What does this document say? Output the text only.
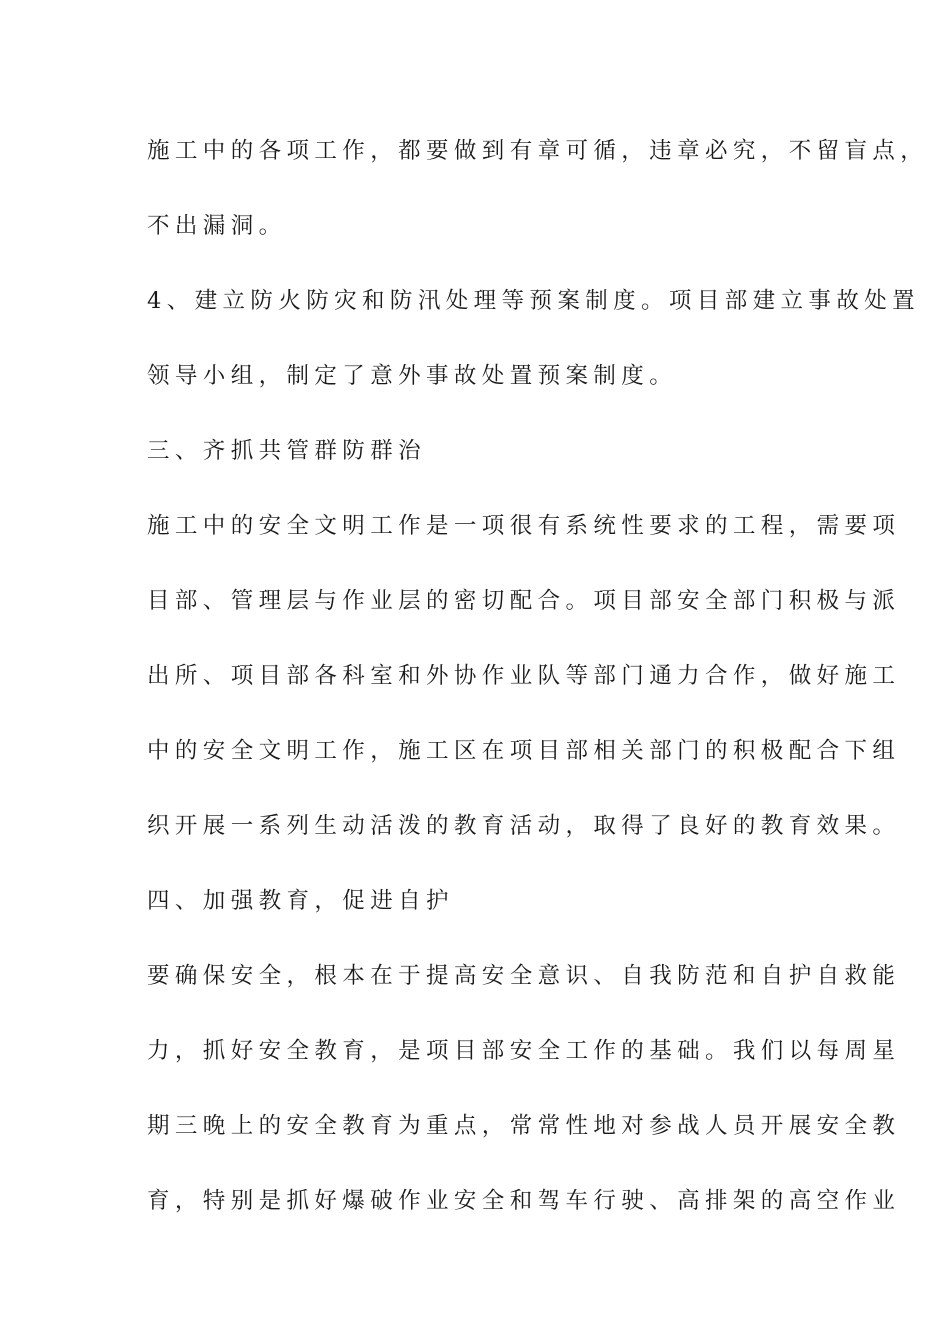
施工中的各项工作，都要做到有章可循，违章必究，不留盲点，
不出漏洞。
4、建立防火防灾和防汛处理等预案制度。项目部建立事故处置
领导小组，制定了意外事故处置预案制度。
三、齐抓共管群防群治
施工中的安全文明工作是一项很有系统性要求的工程，需要项
目部、管理层与作业层的密切配合。项目部安全部门积极与派
出所、项目部各科室和外协作业队等部门通力合作，做好施工
中的安全文明工作，施工区在项目部相关部门的积极配合下组
织开展一系列生动活泼的教育活动，取得了良好的教育效果。
四、加强教育，促进自护
要确保安全，根本在于提高安全意识、自我防范和自护自救能
力，抓好安全教育，是项目部安全工作的基础。我们以每周星
期三晚上的安全教育为重点，常常性地对参战人员开展安全教
育，特别是抓好爆破作业安全和驾车行驶、高排架的高空作业
